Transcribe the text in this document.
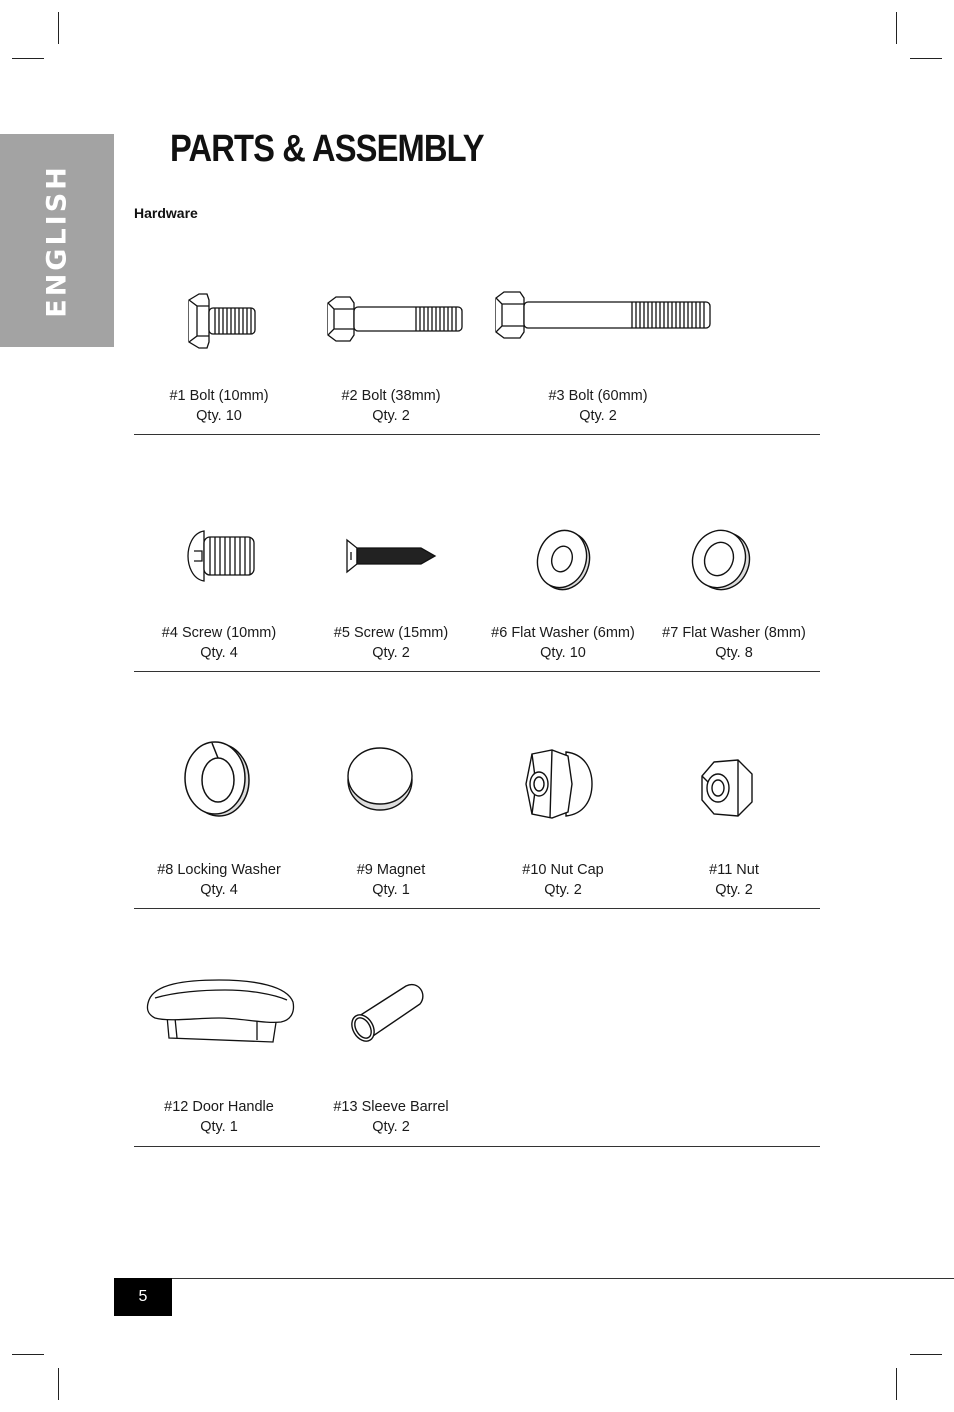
ENGLISH
PARTS & ASSEMBLY
Hardware
#1 Bolt (10mm)
Qty. 10
#2 Bolt (38mm)
Qty. 2
#3 Bolt (60mm)
Qty. 2
#4 Screw (10mm)
Qty. 4
#5 Screw (15mm)
Qty. 2
#6 Flat Washer (6mm)
Qty. 10
#7 Flat Washer (8mm)
Qty. 8
#8 Locking Washer
Qty. 4
#9 Magnet
Qty. 1
#10 Nut Cap
Qty. 2
#11 Nut
Qty. 2
#12 Door Handle
Qty. 1
#13 Sleeve Barrel
Qty. 2
5
